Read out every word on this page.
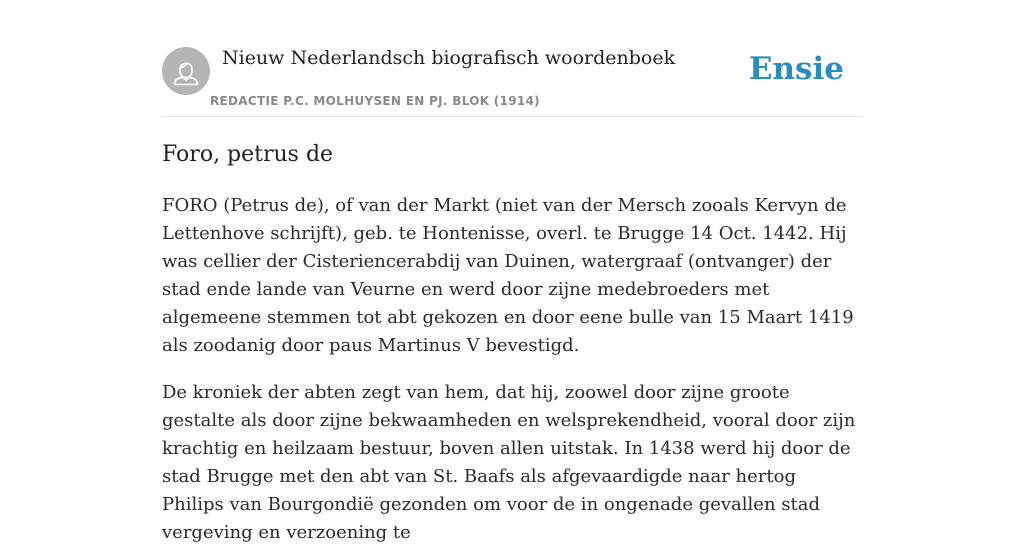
Nieuw Nederlandsch biografisch woordenboek
REDACTIE P.C. MOLHUYSEN EN PJ. BLOK (1914)
Ensie
Foro, petrus de

FORO (Petrus de), of van der Markt (niet van der Mersch zooals Kervyn de Lettenhove schrijft), geb. te Hontenisse, overl. te Brugge 14 Oct. 1442. Hij was cellier der Cisteriencerabdij van Duinen, watergraaf (ontvanger) der stad ende lande van Veurne en werd door zijne medebroeders met algemeene stemmen tot abt gekozen en door eene bulle van 15 Maart 1419 als zoodanig door paus Martinus V bevestigd.

De kroniek der abten zegt van hem, dat hij, zoowel door zijne groote gestalte als door zijne bekwaamheden en welsprekendheid, vooral door zijn krachtig en heilzaam bestuur, boven allen uitstak. In 1438 werd hij door de stad Brugge met den abt van St. Baafs als afgevaardigde naar hertog Philips van Bourgondië gezonden om voor de in ongenade gevallen stad vergeving en verzoening te
